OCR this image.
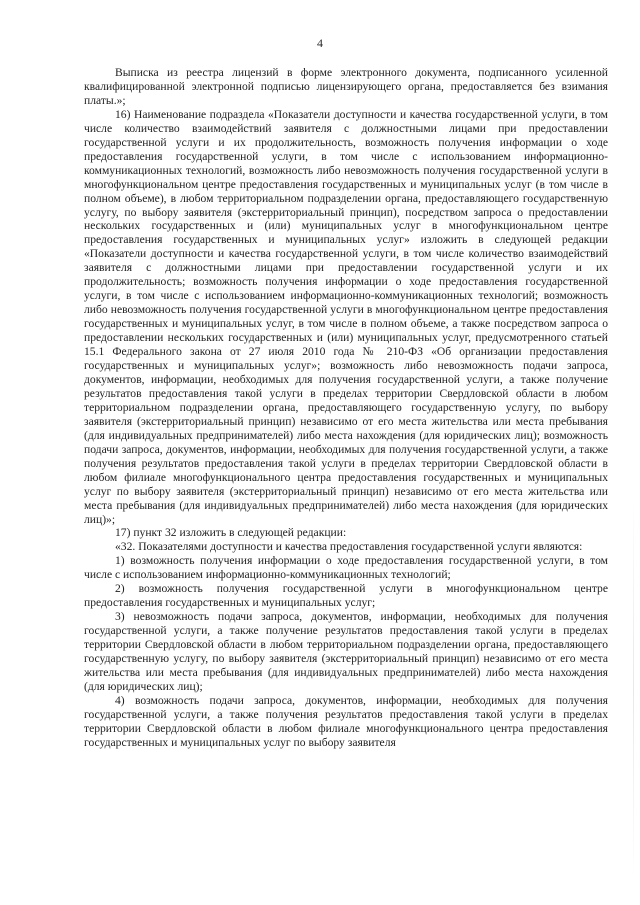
4

Выписка из реестра лицензий в форме электронного документа, подписанного усиленной квалифицированной электронной подписью лицензирующего органа, предоставляется без взимания платы.»;

16) Наименование подраздела «Показатели доступности и качества государственной услуги, в том числе количество взаимодействий заявителя с должностными лицами при предоставлении государственной услуги и их продолжительность, возможность получения информации о ходе предоставления государственной услуги, в том числе с использованием информационно-коммуникационных технологий, возможность либо невозможность получения государственной услуги в многофункциональном центре предоставления государственных и муниципальных услуг (в том числе в полном объеме), в любом территориальном подразделении органа, предоставляющего государственную услугу, по выбору заявителя (экстерриториальный принцип), посредством запроса о предоставлении нескольких государственных и (или) муниципальных услуг в многофункциональном центре предоставления государственных и муниципальных услуг» изложить в следующей редакции «Показатели доступности и качества государственной услуги, в том числе количество взаимодействий заявителя с должностными лицами при предоставлении государственной услуги и их продолжительность; возможность получения информации о ходе предоставления государственной услуги, в том числе с использованием информационно-коммуникационных технологий; возможность либо невозможность получения государственной услуги в многофункциональном центре предоставления государственных и муниципальных услуг, в том числе в полном объеме, а также посредством запроса о предоставлении нескольких государственных и (или) муниципальных услуг, предусмотренного статьей 15.1 Федерального закона от 27 июля 2010 года № 210-ФЗ «Об организации предоставления государственных и муниципальных услуг»; возможность либо невозможность подачи запроса, документов, информации, необходимых для получения государственной услуги, а также получение результатов предоставления такой услуги в пределах территории Свердловской области в любом территориальном подразделении органа, предоставляющего государственную услугу, по выбору заявителя (экстерриториальный принцип) независимо от его места жительства или места пребывания (для индивидуальных предпринимателей) либо места нахождения (для юридических лиц); возможность подачи запроса, документов, информации, необходимых для получения государственной услуги, а также получения результатов предоставления такой услуги в пределах территории Свердловской области в любом филиале многофункционального центра предоставления государственных и муниципальных услуг по выбору заявителя (экстерриториальный принцип) независимо от его места жительства или места пребывания (для индивидуальных предпринимателей) либо места нахождения (для юридических лиц)»;

17) пункт 32 изложить в следующей редакции:

«32. Показателями доступности и качества предоставления государственной услуги являются:

1) возможность получения информации о ходе предоставления государственной услуги, в том числе с использованием информационно-коммуникационных технологий;

2) возможность получения государственной услуги в многофункциональном центре предоставления государственных и муниципальных услуг;

3) невозможность подачи запроса, документов, информации, необходимых для получения государственной услуги, а также получение результатов предоставления такой услуги в пределах территории Свердловской области в любом территориальном подразделении органа, предоставляющего государственную услугу, по выбору заявителя (экстерриториальный принцип) независимо от его места жительства или места пребывания (для индивидуальных предпринимателей) либо места нахождения (для юридических лиц);

4) возможность подачи запроса, документов, информации, необходимых для получения государственной услуги, а также получения результатов предоставления такой услуги в пределах территории Свердловской области в любом филиале многофункционального центра предоставления государственных и муниципальных услуг по выбору заявителя
